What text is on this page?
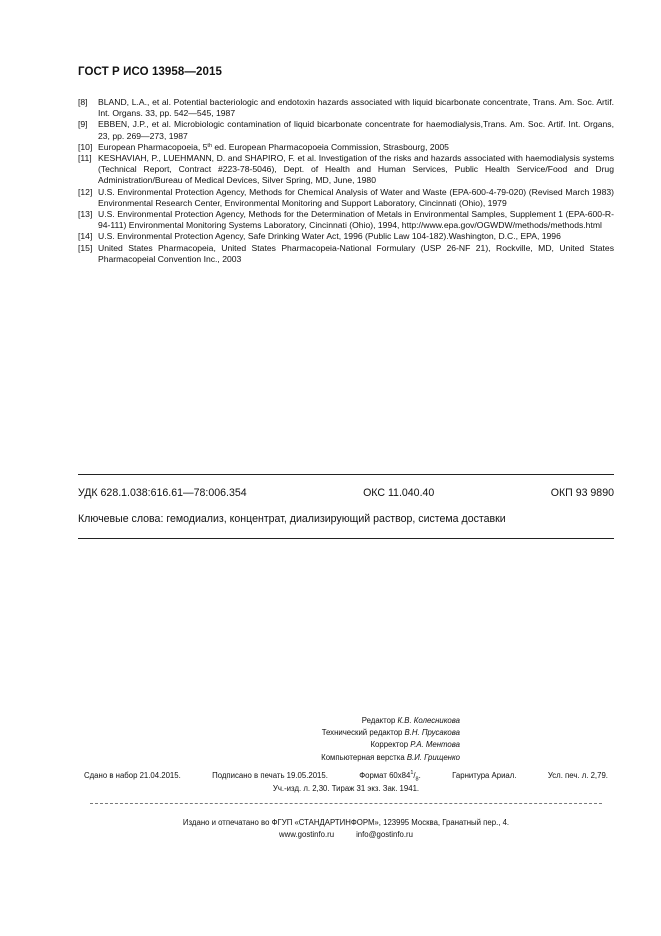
ГОСТ Р ИСО 13958—2015
[8]	BLAND, L.A., et al. Potential bacteriologic and endotoxin hazards associated with liquid bicarbonate concentrate, Trans. Am. Soc. Artif. Int. Organs. 33, pp. 542—545, 1987
[9]	EBBEN, J.P., et al. Microbiologic contamination of liquid bicarbonate concentrate for haemodialysis,Trans. Am. Soc. Artif. Int. Organs, 23, pp. 269—273, 1987
[10] European Pharmacopoeia, 5th ed. European Pharmacopoeia Commission, Strasbourg, 2005
[11] KESHAVIAH, P., LUEHMANN, D. and SHAPIRO, F. et al. Investigation of the risks and hazards associated with haemodialysis systems (Technical Report, Contract #223-78-5046), Dept. of Health and Human Services, Public Health Service/Food and Drug Administration/Bureau of Medical Devices, Silver Spring, MD, June, 1980
[12] U.S. Environmental Protection Agency, Methods for Chemical Analysis of Water and Waste (EPA-600-4-79-020) (Revised March 1983) Environmental Research Center, Environmental Monitoring and Support Laboratory, Cincinnati (Ohio), 1979
[13] U.S. Environmental Protection Agency, Methods for the Determination of Metals in Environmental Samples, Supplement 1 (EPA-600-R-94-111) Environmental Monitoring Systems Laboratory, Cincinnati (Ohio), 1994, http://www.epa.gov/OGWDW/methods/methods.html
[14] U.S. Environmental Protection Agency, Safe Drinking Water Act, 1996 (Public Law 104-182).Washington, D.C., EPA, 1996
[15] United States Pharmacopeia, United States Pharmacopeia-National Formulary (USP 26-NF 21), Rockville, MD, United States Pharmacopeial Convention Inc., 2003
УДК 628.1.038:616.61—78:006.354	ОКС 11.040.40	ОКП 93 9890
Ключевые слова: гемодиализ, концентрат, диализирующий раствор, система доставки
Редактор К.В. Колесникова
Технический редактор В.Н. Прусакова
Корректор Р.А. Ментова
Компьютерная верстка В.И. Грищенко
Сдано в набор 21.04.2015.	Подписано в печать 19.05.2015.	Формат $60x84^1/_8$.	Гарнитура Ариал.	Усл. печ. л. 2,79.
Уч.-изд. л. 2,30. Тираж 31 экз. Зак. 1941.
Издано и отпечатано во ФГУП «СТАНДАРТИНФОРМ», 123995 Москва, Гранатный пер., 4.
www.gostinfo.ru	info@gostinfo.ru
